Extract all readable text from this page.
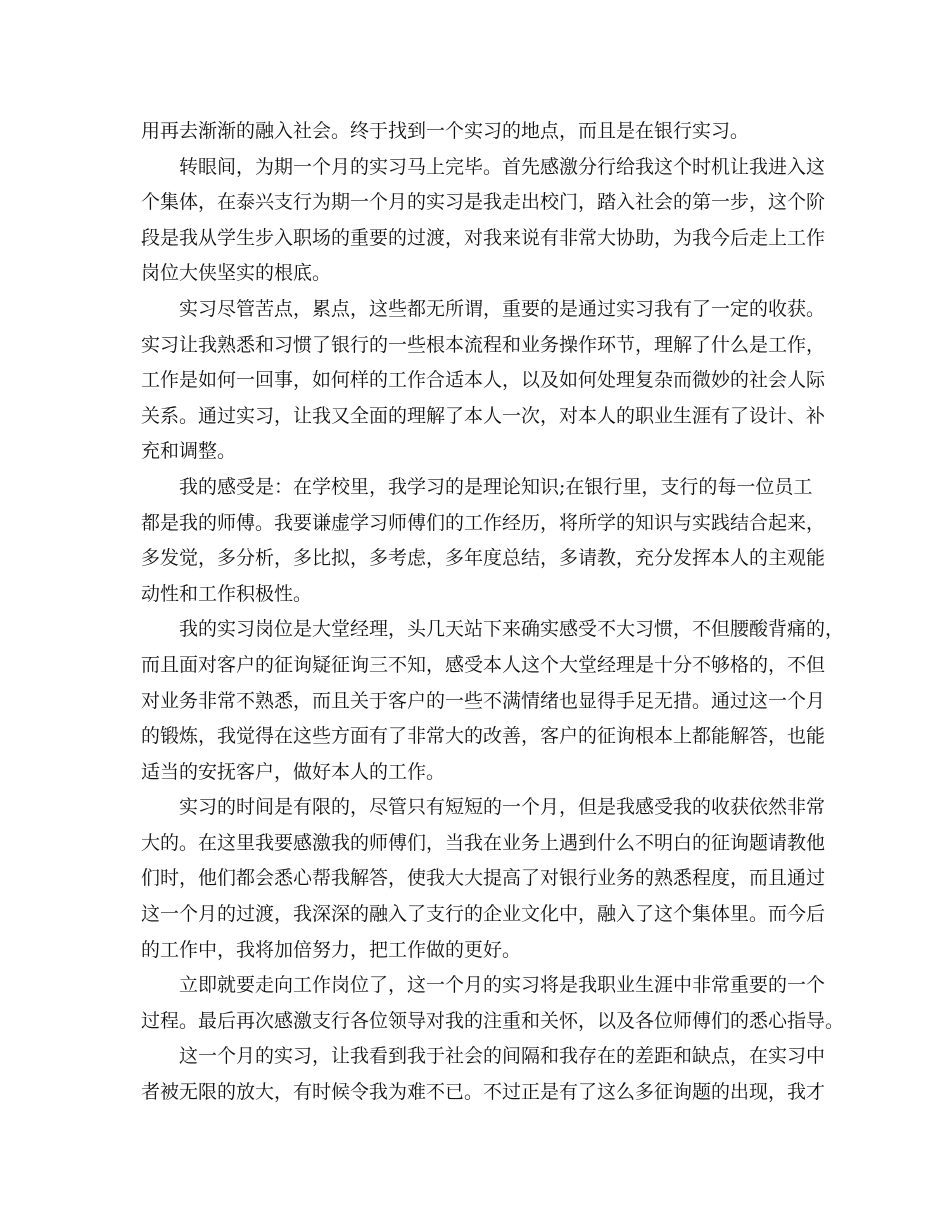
用再去渐渐的融入社会。终于找到一个实习的地点，而且是在银行实习。
转眼间，为期一个月的实习马上完毕。首先感激分行给我这个时机让我进入这
个集体，在泰兴支行为期一个月的实习是我走出校门，踏入社会的第一步，这个阶
段是我从学生步入职场的重要的过渡，对我来说有非常大协助，为我今后走上工作
岗位大侠坚实的根底。
实习尽管苦点，累点，这些都无所谓，重要的是通过实习我有了一定的收获。
实习让我熟悉和习惯了银行的一些根本流程和业务操作环节，理解了什么是工作，
工作是如何一回事，如何样的工作合适本人，以及如何处理复杂而微妙的社会人际
关系。通过实习，让我又全面的理解了本人一次，对本人的职业生涯有了设计、补
充和调整。
我的感受是：在学校里，我学习的是理论知识;在银行里，支行的每一位员工
都是我的师傅。我要谦虚学习师傅们的工作经历，将所学的知识与实践结合起来，
多发觉，多分析，多比拟，多考虑，多年度总结，多请教，充分发挥本人的主观能
动性和工作积极性。
我的实习岗位是大堂经理，头几天站下来确实感受不大习惯，不但腰酸背痛的，
而且面对客户的征询疑征询三不知，感受本人这个大堂经理是十分不够格的，不但
对业务非常不熟悉，而且关于客户的一些不满情绪也显得手足无措。通过这一个月
的锻炼，我觉得在这些方面有了非常大的改善，客户的征询根本上都能解答，也能
适当的安抚客户，做好本人的工作。
实习的时间是有限的，尽管只有短短的一个月，但是我感受我的收获依然非常
大的。在这里我要感激我的师傅们，当我在业务上遇到什么不明白的征询题请教他
们时，他们都会悉心帮我解答，使我大大提高了对银行业务的熟悉程度，而且通过
这一个月的过渡，我深深的融入了支行的企业文化中，融入了这个集体里。而今后
的工作中，我将加倍努力，把工作做的更好。
立即就要走向工作岗位了，这一个月的实习将是我职业生涯中非常重要的一个
过程。最后再次感激支行各位领导对我的注重和关怀，以及各位师傅们的悉心指导。
这一个月的实习，让我看到我于社会的间隔和我存在的差距和缺点，在实习中
者被无限的放大，有时候令我为难不已。不过正是有了这么多征询题的出现，我才
